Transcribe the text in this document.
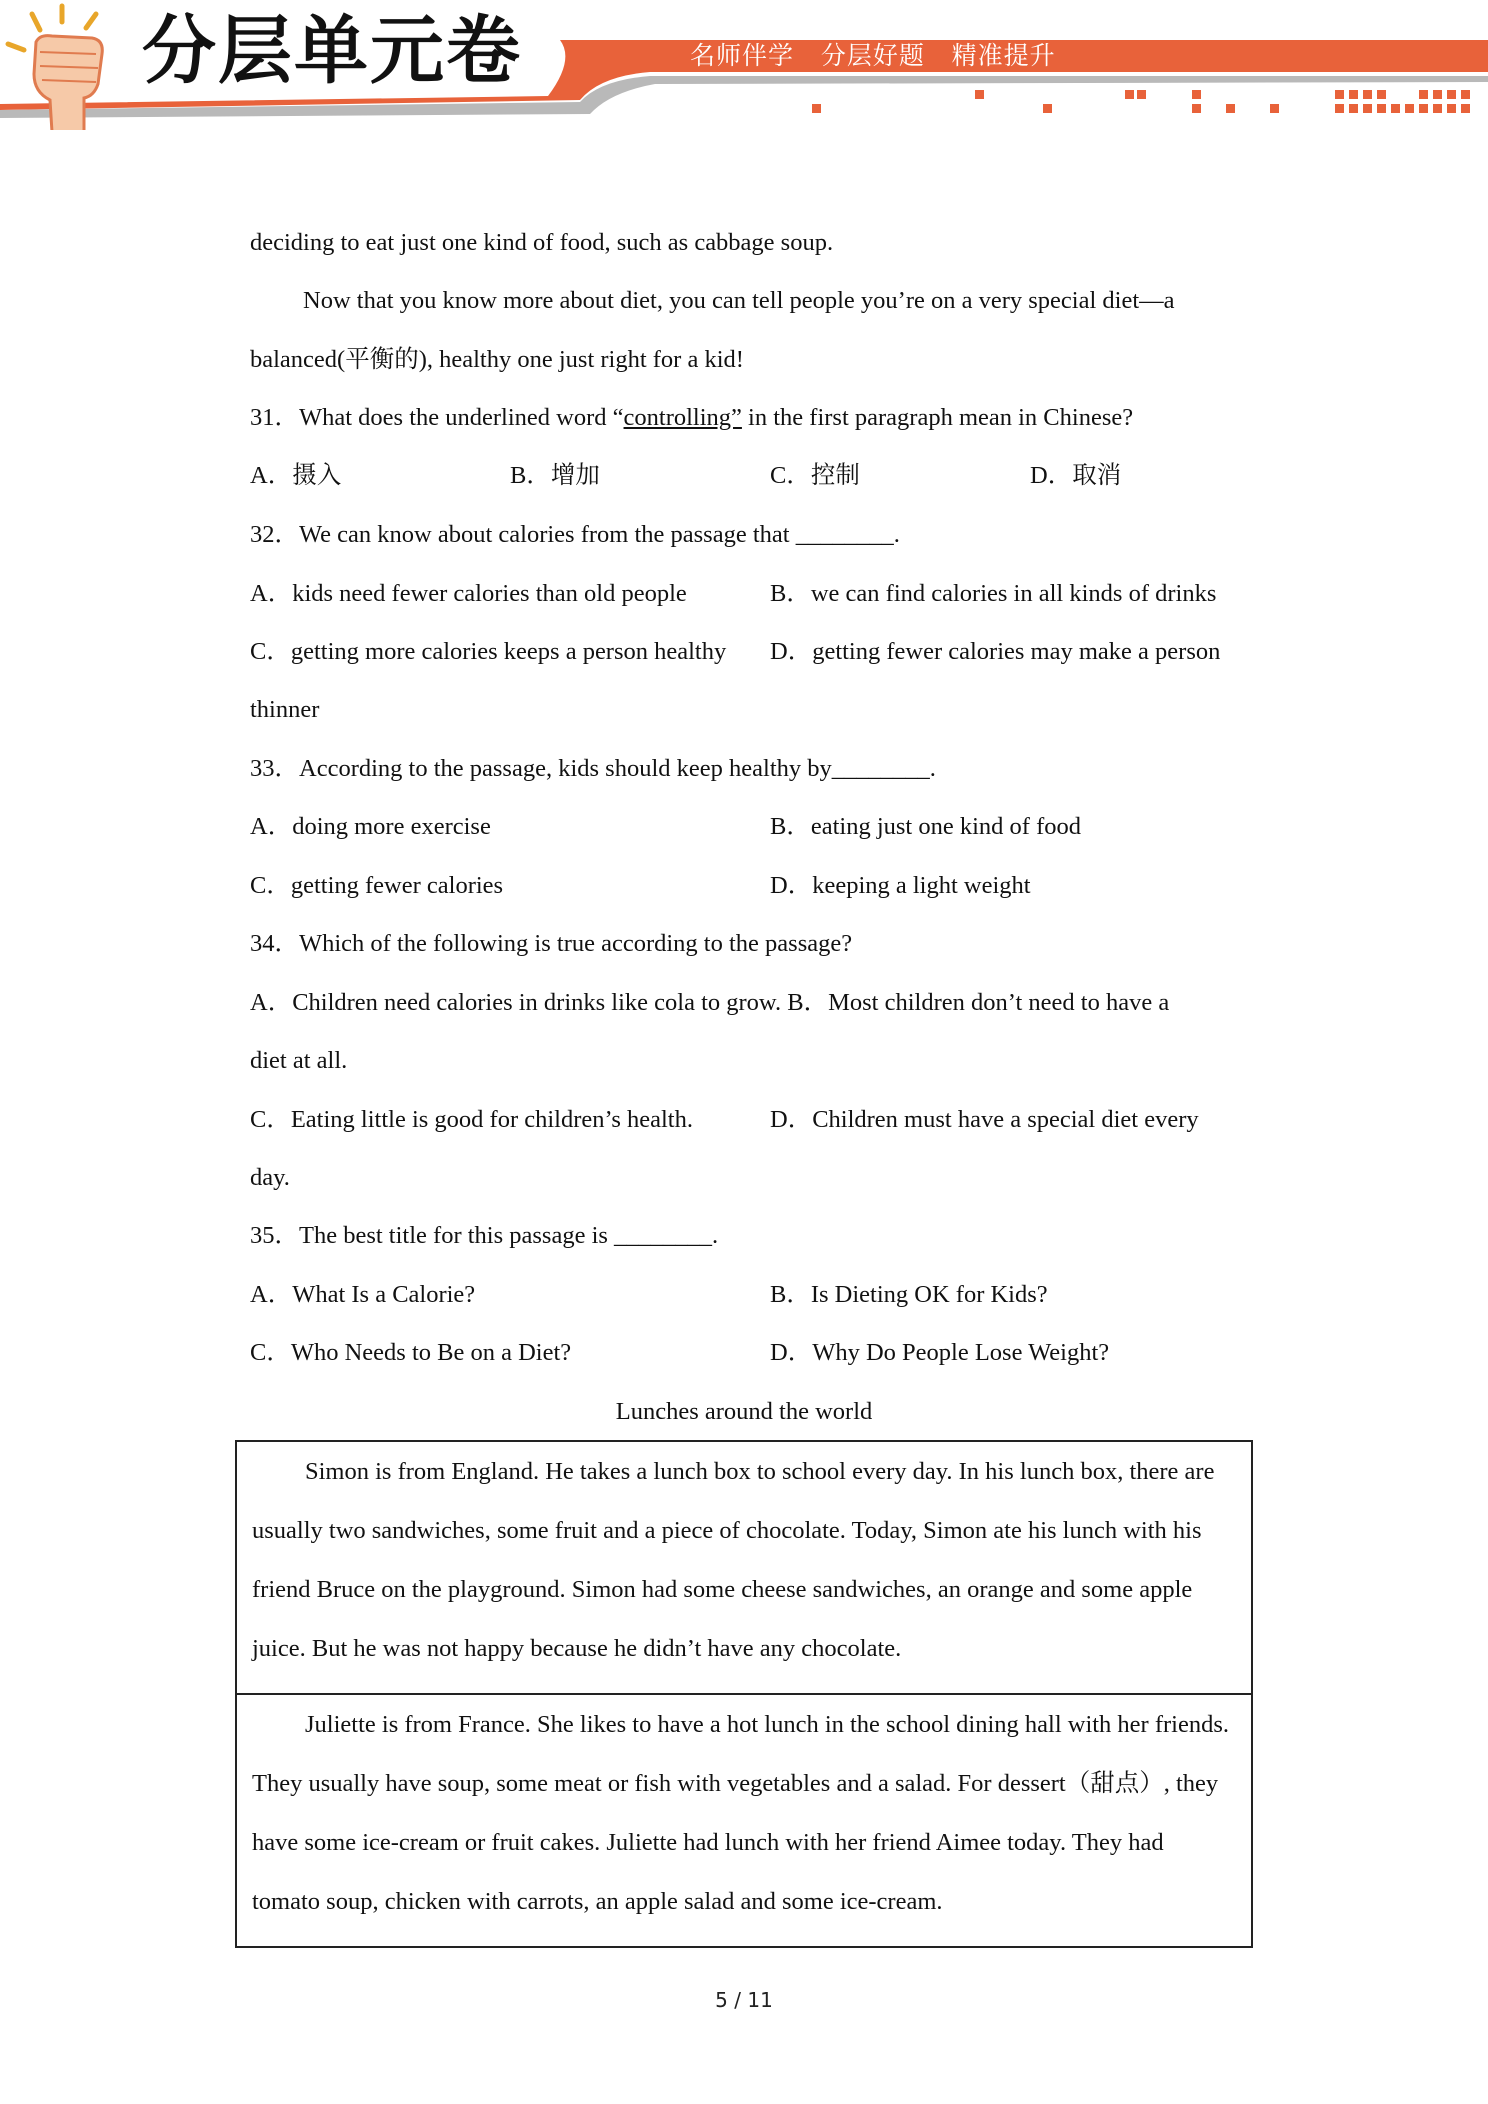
分层单元卷	名师伴学   分层好题   精准提升
deciding to eat just one kind of food, such as cabbage soup.
Now that you know more about diet, you can tell people you’re on a very special diet—a
balanced(平衡的), healthy one just right for a kid!
31．What does the underlined word “controlling” in the first paragraph mean in Chinese?
A．摄入	B．增加	C．控制	D．取消
32．We can know about calories from the passage that ________.
A．kids need fewer calories than old people	B．we can find calories in all kinds of drinks
C．getting more calories keeps a person healthy D．getting fewer calories may make a person
thinner
33．According to the passage, kids should keep healthy by________.
A．doing more exercise	B．eating just one kind of food
C．getting fewer calories	D．keeping a light weight
34．Which of the following is true according to the passage?
A．Children need calories in drinks like cola to grow. B．Most children don’t need to have a
diet at all.
C．Eating little is good for children’s health.	D．Children must have a special diet every
day.
35．The best title for this passage is ________.
A．What Is a Calorie?	B．Is Dieting OK for Kids?
C．Who Needs to Be on a Diet?	D．Why Do People Lose Weight?
Lunches around the world

Simon is from England. He takes a lunch box to school every day. In his lunch box, there are usually two sandwiches, some fruit and a piece of chocolate. Today, Simon ate his lunch with his friend Bruce on the playground. Simon had some cheese sandwiches, an orange and some apple juice. But he was not happy because he didn’t have any chocolate.

Juliette is from France. She likes to have a hot lunch in the school dining hall with her friends. They usually have soup, some meat or fish with vegetables and a salad. For dessert（甜点）, they have some ice-cream or fruit cakes. Juliette had lunch with her friend Aimee today. They had tomato soup, chicken with carrots, an apple salad and some ice-cream.

5 / 11
